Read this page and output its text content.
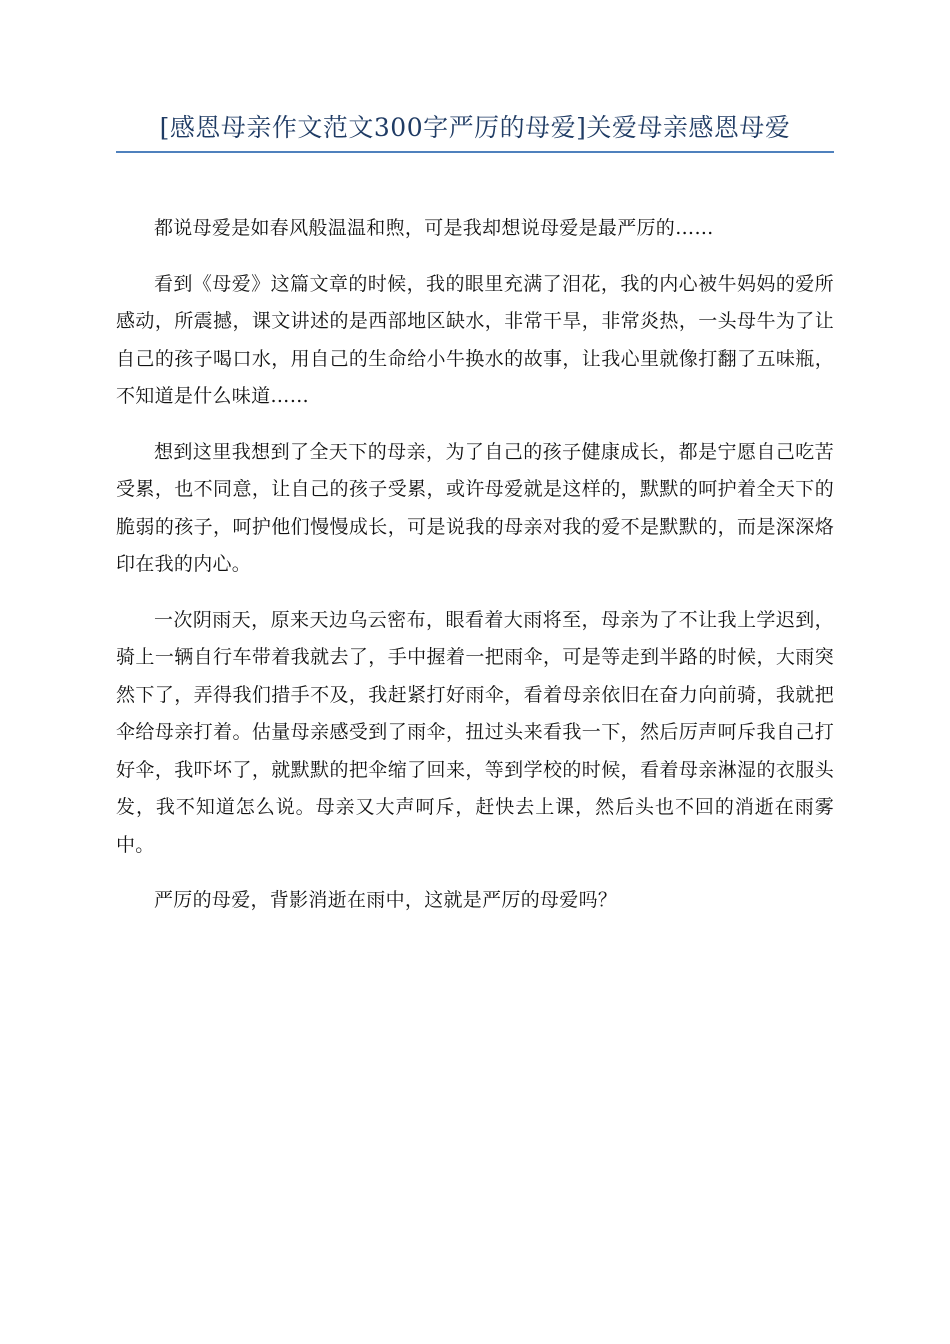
[感恩母亲作文范文300字严厉的母爱]关爱母亲感恩母爱

都说母爱是如春风般温温和煦，可是我却想说母爱是最严厉的……

看到《母爱》这篇文章的时候，我的眼里充满了泪花，我的内心被牛妈妈的爱所感动，所震撼，课文讲述的是西部地区缺水，非常干旱，非常炎热，一头母牛为了让自己的孩子喝口水，用自己的生命给小牛换水的故事，让我心里就像打翻了五味瓶，不知道是什么味道……

想到这里我想到了全天下的母亲，为了自己的孩子健康成长，都是宁愿自己吃苦受累，也不同意，让自己的孩子受累，或许母爱就是这样的，默默的呵护着全天下的脆弱的孩子，呵护他们慢慢成长，可是说我的母亲对我的爱不是默默的，而是深深烙印在我的内心。

一次阴雨天，原来天边乌云密布，眼看着大雨将至，母亲为了不让我上学迟到，骑上一辆自行车带着我就去了，手中握着一把雨伞，可是等走到半路的时候，大雨突然下了，弄得我们措手不及，我赶紧打好雨伞，看着母亲依旧在奋力向前骑，我就把伞给母亲打着。估量母亲感受到了雨伞，扭过头来看我一下，然后厉声呵斥我自己打好伞，我吓坏了，就默默的把伞缩了回来，等到学校的时候，看着母亲淋湿的衣服头发，我不知道怎么说。母亲又大声呵斥，赶快去上课，然后头也不回的消逝在雨雾中。

严厉的母爱，背影消逝在雨中，这就是严厉的母爱吗？
